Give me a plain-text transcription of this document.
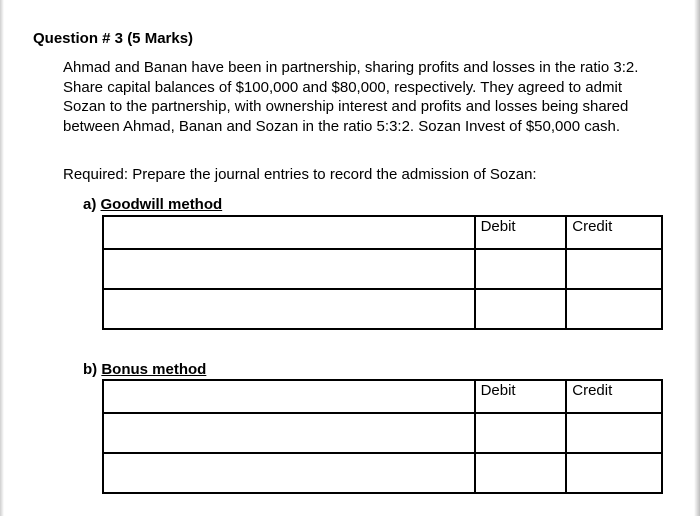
Question # 3 (5 Marks)
Ahmad and Banan have been in partnership, sharing profits and losses in the ratio 3:2. Share capital balances of $100,000 and $80,000, respectively. They agreed to admit Sozan to the partnership, with ownership interest and profits and losses being shared between Ahmad, Banan and Sozan in the ratio 5:3:2. Sozan Invest of $50,000 cash.
Required: Prepare the journal entries to record the admission of Sozan:
a) Goodwill method
	Debit	Credit

b) Bonus method
	Debit	Credit
